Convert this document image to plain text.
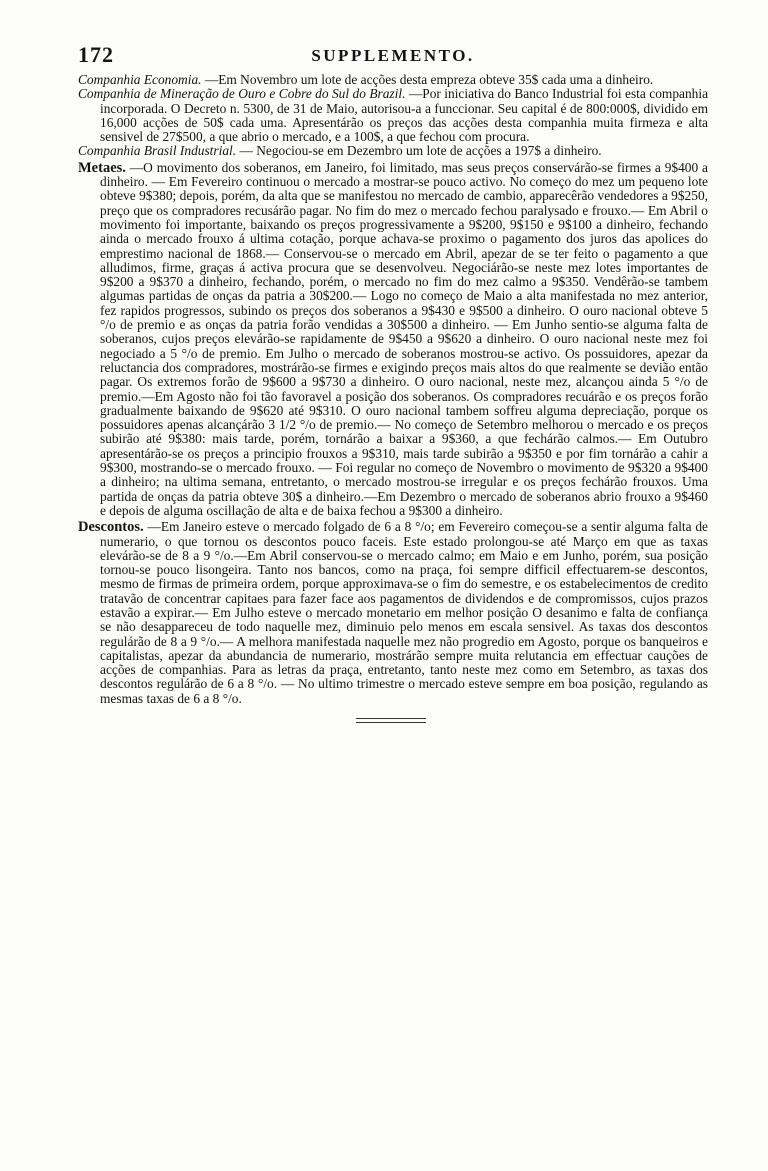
172	SUPPLEMENTO.

Companhia Economia. —Em Novembro um lote de acções desta empreza obteve 35$ cada uma a dinheiro.

Companhia de Mineração de Ouro e Cobre do Sul do Brazil. —Por iniciativa do Banco Industrial foi esta companhia incorporada. O Decreto n. 5300, de 31 de Maio, autorisou-a a funccionar. Seu capital é de 800:000$, dividido em 16,000 acções de 50$ cada uma. Apresentárão os preços das acções desta companhia muita firmeza e alta sensivel de 27$500, a que abrio o mercado, e a 100$, a que fechou com procura.

Companhia Brasil Industrial. — Negociou-se em Dezembro um lote de acções a 197$ a dinheiro.

Metaes. —O movimento dos soberanos, em Janeiro, foi limitado, mas seus preços conservárão-se firmes a 9$400 a dinheiro. — Em Fevereiro continuou o mercado a mostrar-se pouco activo. No começo do mez um pequeno lote obteve 9$380; depois, porém, da alta que se manifestou no mercado de cambio, apparecêrão vendedores a 9$250, preço que os compradores recusárão pagar. No fim do mez o mercado fechou paralysado e frouxo.— Em Abril o movimento foi importante, baixando os preços progressivamente a 9$200, 9$150 e 9$100 a dinheiro, fechando ainda o mercado frouxo á ultima cotação, porque achava-se proximo o pagamento dos juros das apolices do emprestimo nacional de 1868.— Conservou-se o mercado em Abril, apezar de se ter feito o pagamento a que alludimos, firme, graças á activa procura que se desenvolveu. Negociárão-se neste mez lotes importantes de 9$200 a 9$370 a dinheiro, fechando, porém, o mercado no fim do mez calmo a 9$350. Vendêrão-se tambem algumas partidas de onças da patria a 30$200.— Logo no começo de Maio a alta manifestada no mez anterior, fez rapidos progressos, subindo os preços dos soberanos a 9$430 e 9$500 a dinheiro. O ouro nacional obteve 5 °/o de premio e as onças da patria forão vendidas a 30$500 a dinheiro. — Em Junho sentio-se alguma falta de soberanos, cujos preços elevárão-se rapidamente de 9$450 a 9$620 a dinheiro. O ouro nacional neste mez foi negociado a 5 °/o de premio. Em Julho o mercado de soberanos mostrou-se activo. Os possuidores, apezar da reluctancia dos compradores, mostrárão-se firmes e exigindo preços mais altos do que realmente se devião então pagar. Os extremos forão de 9$600 a 9$730 a dinheiro. O ouro nacional, neste mez, alcançou ainda 5 °/o de premio.—Em Agosto não foi tão favoravel a posição dos soberanos. Os compradores recuárão e os preços forão gradualmente baixando de 9$620 até 9$310. O ouro nacional tambem soffreu alguma depreciação, porque os possuidores apenas alcançárão 3 1/2 °/o de premio.— No começo de Setembro melhorou o mercado e os preços subirão até 9$380: mais tarde, porém, tornárão a baixar a 9$360, a que fechárão calmos.— Em Outubro apresentárão-se os preços a principio frouxos a 9$310, mais tarde subirão a 9$350 e por fim tornárão a cahir a 9$300, mostrando-se o mercado frouxo. — Foi regular no começo de Novembro o movimento de 9$320 a 9$400 a dinheiro; na ultima semana, entretanto, o mercado mostrou-se irregular e os preços fechárão frouxos. Uma partida de onças da patria obteve 30$ a dinheiro.—Em Dezembro o mercado de soberanos abrio frouxo a 9$460 e depois de alguma oscillação de alta e de baixa fechou a 9$300 a dinheiro.

Descontos. —Em Janeiro esteve o mercado folgado de 6 a 8 °/o; em Fevereiro começou-se a sentir alguma falta de numerario, o que tornou os descontos pouco faceis. Este estado prolongou-se até Março em que as taxas elevárão-se de 8 a 9 °/o.—Em Abril conservou-se o mercado calmo; em Maio e em Junho, porém, sua posição tornou-se pouco lisongeira. Tanto nos bancos, como na praça, foi sempre difficil effectuarem-se descontos, mesmo de firmas de primeira ordem, porque approximava-se o fim do semestre, e os estabelecimentos de credito tratavão de concentrar capitaes para fazer face aos pagamentos de dividendos e de compromissos, cujos prazos estavão a expirar.— Em Julho esteve o mercado monetario em melhor posição O desanimo e falta de confiança se não desappareceu de todo naquelle mez, diminuio pelo menos em escala sensivel. As taxas dos descontos regulárão de 8 a 9 °/o.— A melhora manifestada naquelle mez não progredio em Agosto, porque os banqueiros e capitalistas, apezar da abundancia de numerario, mostrárão sempre muita relutancia em effectuar cauções de acções de companhias. Para as letras da praça, entretanto, tanto neste mez como em Setembro, as taxas dos descontos regulárão de 6 a 8 °/o. — No ultimo trimestre o mercado esteve sempre em boa posição, regulando as mesmas taxas de 6 a 8 °/o.
